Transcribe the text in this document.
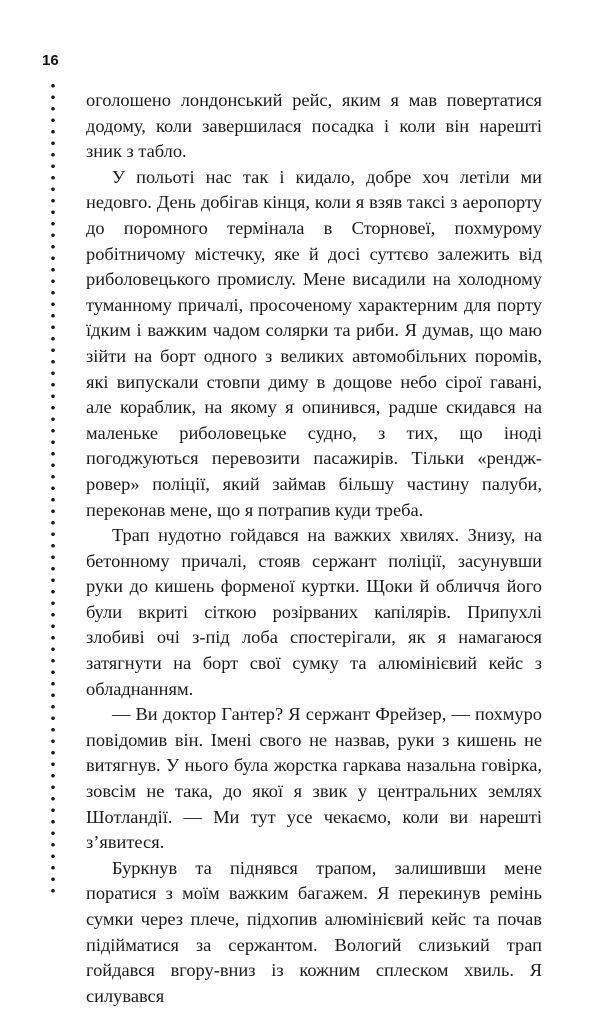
16

оголошено лондонський рейс, яким я мав повертатися додому, коли завершилася посадка і коли він нарешті зник з табло.

У польоті нас так і кидало, добре хоч летіли ми недовго. День добігав кінця, коли я взяв таксі з аеропорту до поромного термінала в Сторновеї, похмурому робітничому містечку, яке й досі суттєво залежить від риболовецького промислу. Мене висадили на холодному туманному причалі, просоченому характерним для порту їдким і важким чадом солярки та риби. Я думав, що маю зійти на борт одного з великих автомобільних поромів, які випускали стовпи диму в дощове небо сірої гавані, але кораблик, на якому я опинився, радше скидався на маленьке риболовецьке судно, з тих, що іноді погоджуються перевозити пасажирів. Тільки «рендж-ровер» поліції, який займав більшу частину палуби, переконав мене, що я потрапив куди треба.

Трап нудотно гойдався на важких хвилях. Знизу, на бетонному причалі, стояв сержант поліції, засунувши руки до кишень форменої куртки. Щоки й обличчя його були вкриті сіткою розірваних капілярів. Припухлі злобиві очі з-під лоба спостерігали, як я намагаюся затягнути на борт свої сумку та алюмінієвий кейс з обладнанням.

— Ви доктор Гантер? Я сержант Фрейзер, — похмуро повідомив він. Імені свого не назвав, руки з кишень не витягнув. У нього була жорстка гаркава назальна говірка, зовсім не така, до якої я звик у центральних землях Шотландії. — Ми тут усе чекаємо, коли ви нарешті з’явитеся.

Буркнув та піднявся трапом, залишивши мене поратися з моїм важким багажем. Я перекинув ремінь сумки через плече, підхопив алюмінієвий кейс та почав підійматися за сержантом. Вологий слизький трап гойдався вгору-вниз із кожним сплеском хвиль. Я силувався
